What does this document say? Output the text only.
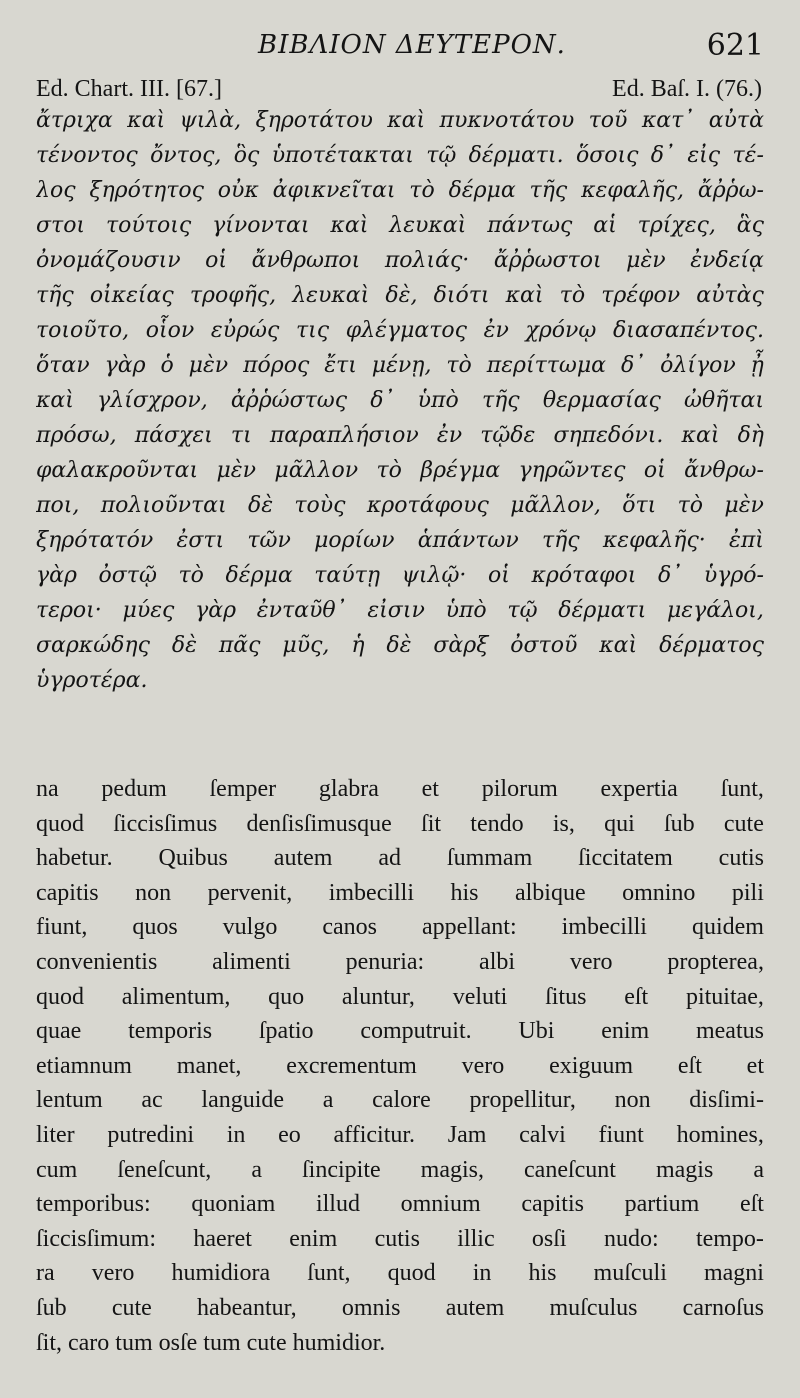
ΒΙΒΛΙΟΝ ΔΕΥΤΕΡΟΝ.	621
Ed. Chart. III. [67.]	Ed. Baſ. I. (76.)
ἄτριχα καὶ ψιλὰ, ξηροτάτου καὶ πυκνοτάτου τοῦ κατ᾽ αὐτὰ
τένοντος ὄντος, ὃς ὑποτέτακται τῷ δέρματι. ὅσοις δ᾽ εἰς τέ-
λος ξηρότητος οὐκ ἀφικνεῖται τὸ δέρμα τῆς κεφαλῆς, ἄῤῥω-
στοι τούτοις γίνονται καὶ λευκαὶ πάντως αἱ τρίχες, ἃς
ὀνομάζουσιν οἱ ἄνθρωποι πολιάς· ἄῤῥωστοι μὲν ἐνδείᾳ
τῆς οἰκείας τροφῆς, λευκαὶ δὲ, διότι καὶ τὸ τρέφον αὐτὰς
τοιοῦτο, οἷον εὐρώς τις φλέγματος ἐν χρόνῳ διασαπέντος.
ὅταν γὰρ ὁ μὲν πόρος ἔτι μένῃ, τὸ περίττωμα δ᾽ ὀλίγον ᾖ
καὶ γλίσχρον, ἀῤῥώστως δ᾽ ὑπὸ τῆς θερμασίας ὠθῆται
πρόσω, πάσχει τι παραπλήσιον ἐν τῷδε σηπεδόνι. καὶ δὴ
φαλακροῦνται μὲν μᾶλλον τὸ βρέγμα γηρῶντες οἱ ἄνθρω-
ποι, πολιοῦνται δὲ τοὺς κροτάφους μᾶλλον, ὅτι τὸ μὲν
ξηρότατόν ἐστι τῶν μορίων ἁπάντων τῆς κεφαλῆς· ἐπὶ
γὰρ ὀστῷ τὸ δέρμα ταύτῃ ψιλῷ· οἱ κρόταφοι δ᾽ ὑγρό-
τεροι· μύες γὰρ ἐνταῦθ᾽ εἰσιν ὑπὸ τῷ δέρματι μεγάλοι,
σαρκώδης δὲ πᾶς μῦς, ἡ δὲ σὰρξ ὀστοῦ καὶ δέρματος
ὑγροτέρα.
na pedum ſemper glabra et pilorum expertia ſunt,
quod ſiccisſimus denſisſimusque ſit tendo is, qui ſub cute
habetur. Quibus autem ad ſummam ſiccitatem cutis
capitis non pervenit, imbecilli his albique omnino pili
fiunt, quos vulgo canos appellant: imbecilli quidem
convenientis alimenti penuria: albi vero propterea,
quod alimentum, quo aluntur, veluti ſitus eſt pituitae,
quae temporis ſpatio computruit. Ubi enim meatus
etiamnum manet, excrementum vero exiguum eſt et
lentum ac languide a calore propellitur, non disſimi-
liter putredini in eo afficitur. Jam calvi fiunt homines,
cum ſeneſcunt, a ſincipite magis, caneſcunt magis a
temporibus: quoniam illud omnium capitis partium eſt
ſiccisſimum: haeret enim cutis illic osſi nudo: tempo-
ra vero humidiora ſunt, quod in his muſculi magni
ſub cute habeantur, omnis autem muſculus carnoſus
ſit, caro tum osſe tum cute humidior.
